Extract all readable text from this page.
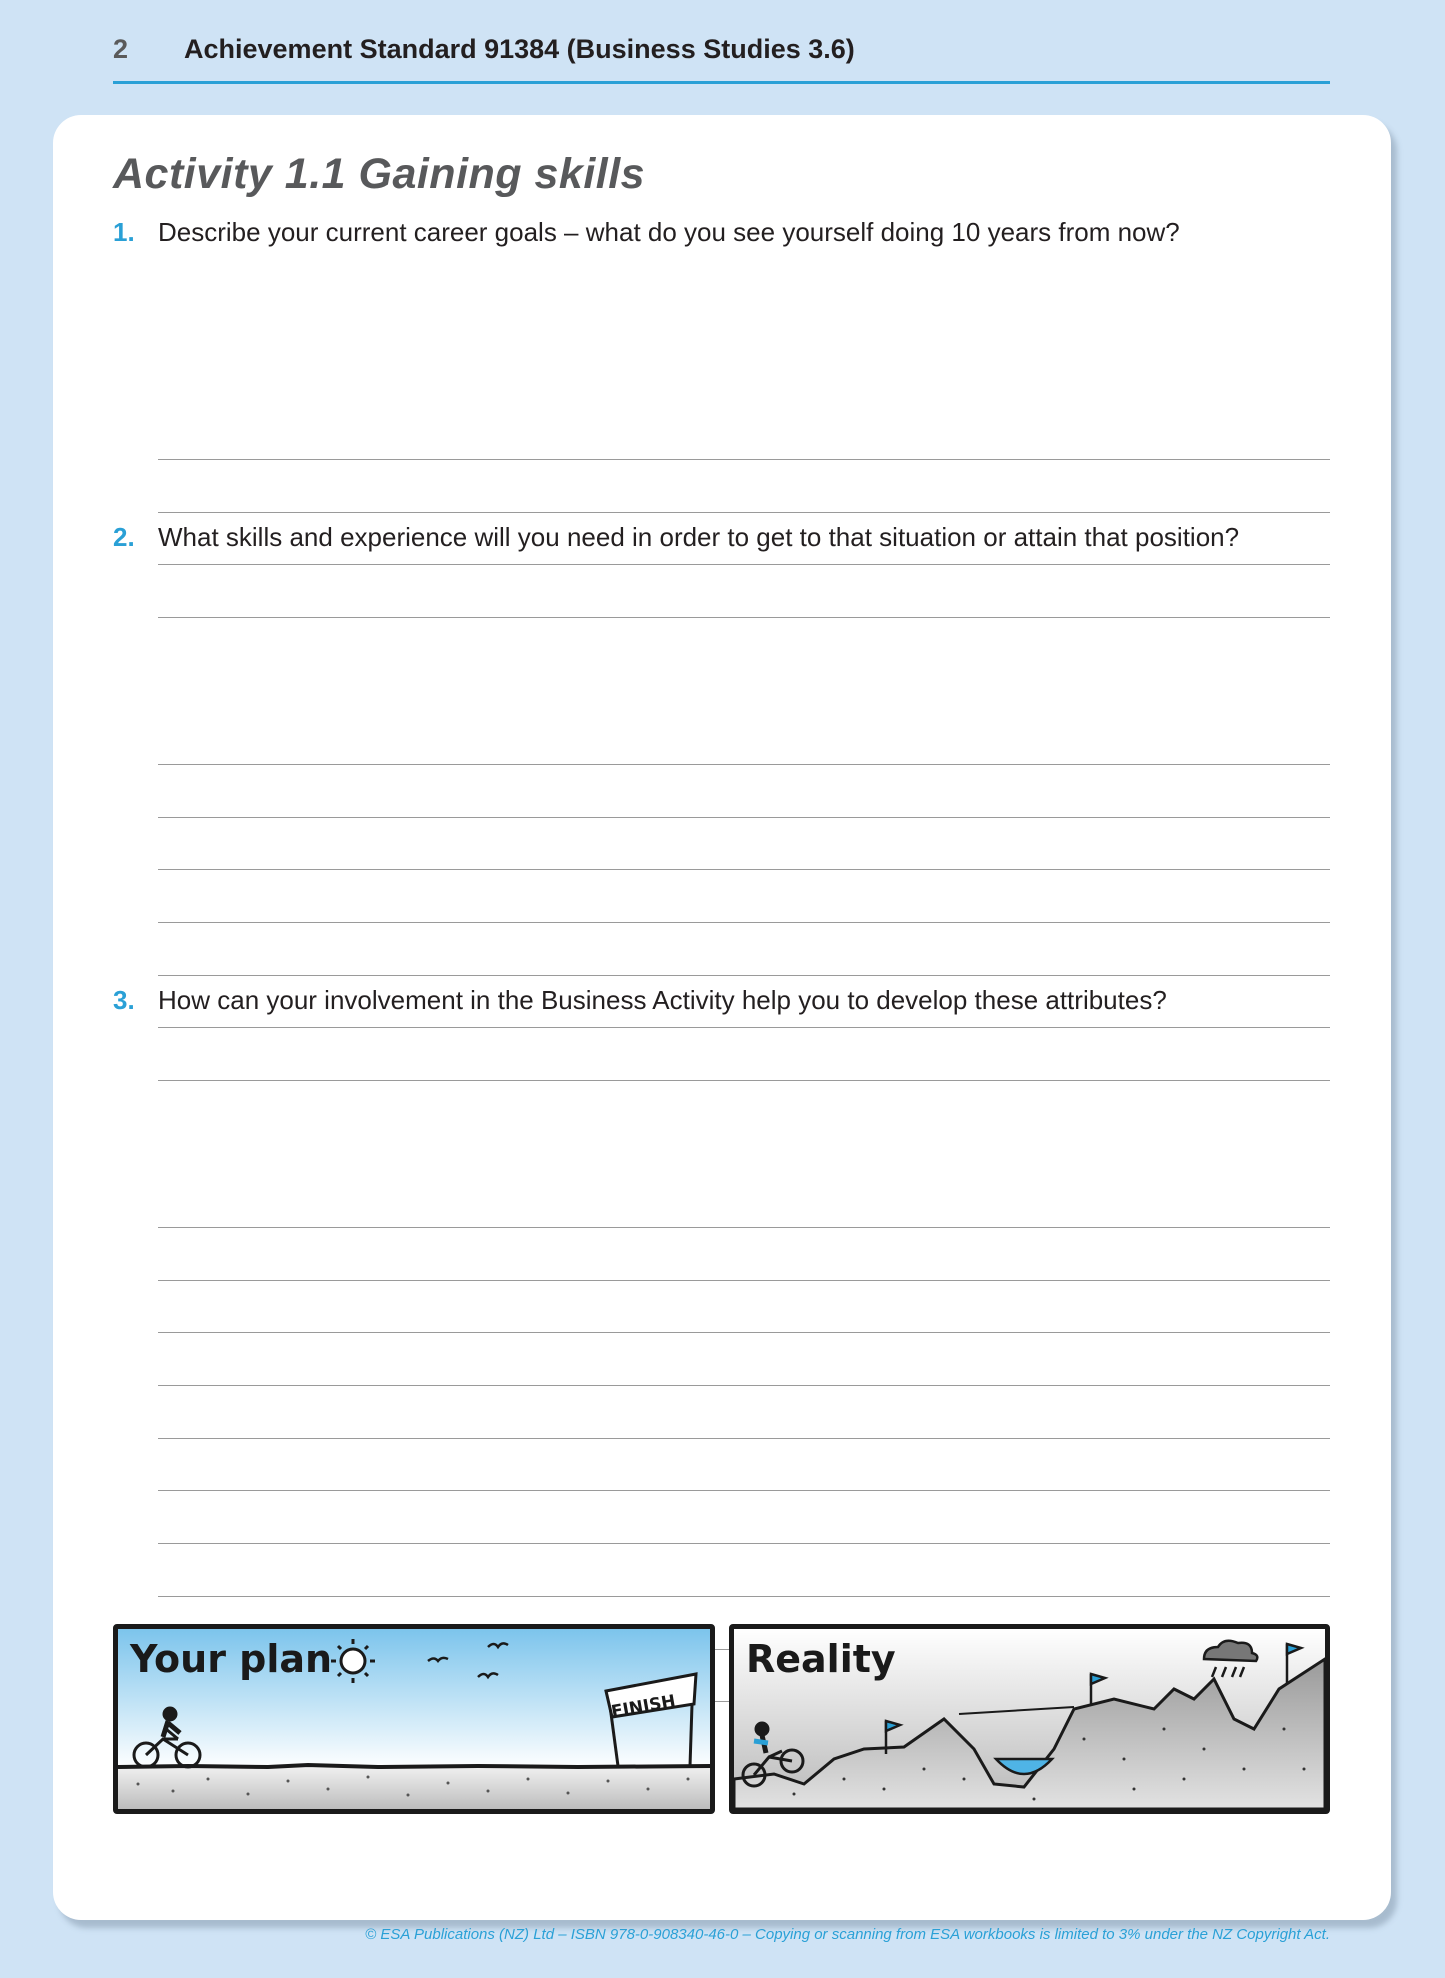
2 Achievement Standard 91384 (Business Studies 3.6)
Activity 1.1 Gaining skills
1. Describe your current career goals – what do you see yourself doing 10 years from now?
2. What skills and experience will you need in order to get to that situation or attain that position?
3. How can your involvement in the Business Activity help you to develop these attributes?
FINISH
Your plan	Reality
© ESA Publications (NZ) Ltd – ISBN 978-0-908340-46-0 – Copying or scanning from ESA workbooks is limited to 3% under the NZ Copyright Act.
